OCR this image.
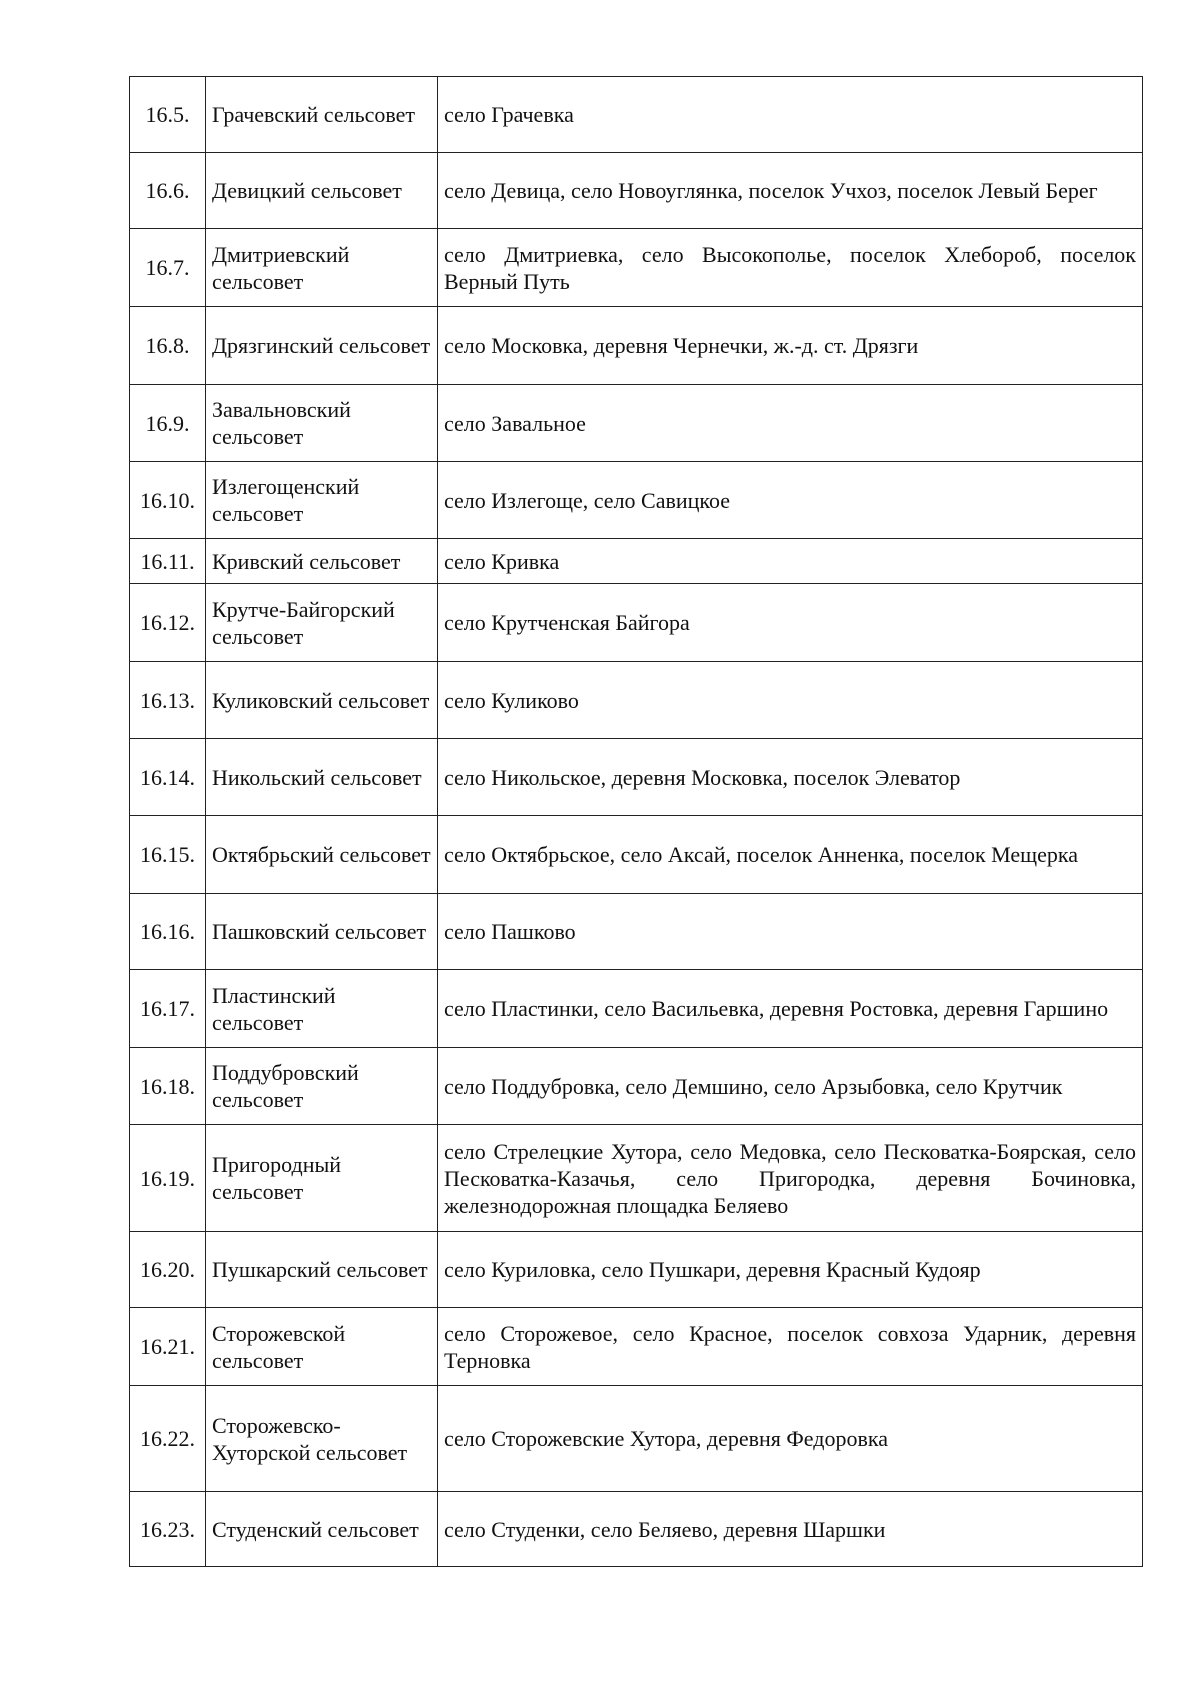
16.5.	Грачевский сельсовет	село Грачевка
16.6.	Девицкий сельсовет	село Девица, село Новоуглянка, поселок Учхоз, поселок Левый Берег
16.7.	Дмитриевский сельсовет	село Дмитриевка, село Высокополье, поселок Хлебороб, поселок Верный Путь
16.8.	Дрязгинский сельсовет	село Московка, деревня Чернечки, ж.-д. ст. Дрязги
16.9.	Завальновский сельсовет	село Завальное
16.10.	Излегощенский сельсовет	село Излегоще, село Савицкое
16.11.	Кривский сельсовет	село Кривка
16.12.	Крутче-Байгорский сельсовет	село Крутченская Байгора
16.13.	Куликовский сельсовет	село Куликово
16.14.	Никольский сельсовет	село Никольское, деревня Московка, поселок Элеватор
16.15.	Октябрьский сельсовет	село Октябрьское, село Аксай, поселок Анненка, поселок Мещерка
16.16.	Пашковский сельсовет	село Пашково
16.17.	Пластинский сельсовет	село Пластинки, село Васильевка, деревня Ростовка, деревня Гаршино
16.18.	Поддубровский сельсовет	село Поддубровка, село Демшино, село Арзыбовка, село Крутчик
16.19.	Пригородный сельсовет	село Стрелецкие Хутора, село Медовка, село Песковатка-Боярская, село Песковатка-Казачья, село Пригородка, деревня Бочиновка, железнодорожная площадка Беляево
16.20.	Пушкарский сельсовет	село Куриловка, село Пушкари, деревня Красный Кудояр
16.21.	Сторожевской сельсовет	село Сторожевое, село Красное, поселок совхоза Ударник, деревня Терновка
16.22.	Сторожевско-Хуторской сельсовет	село Сторожевские Хутора, деревня Федоровка
16.23.	Студенский сельсовет	село Студенки, село Беляево, деревня Шаршки
